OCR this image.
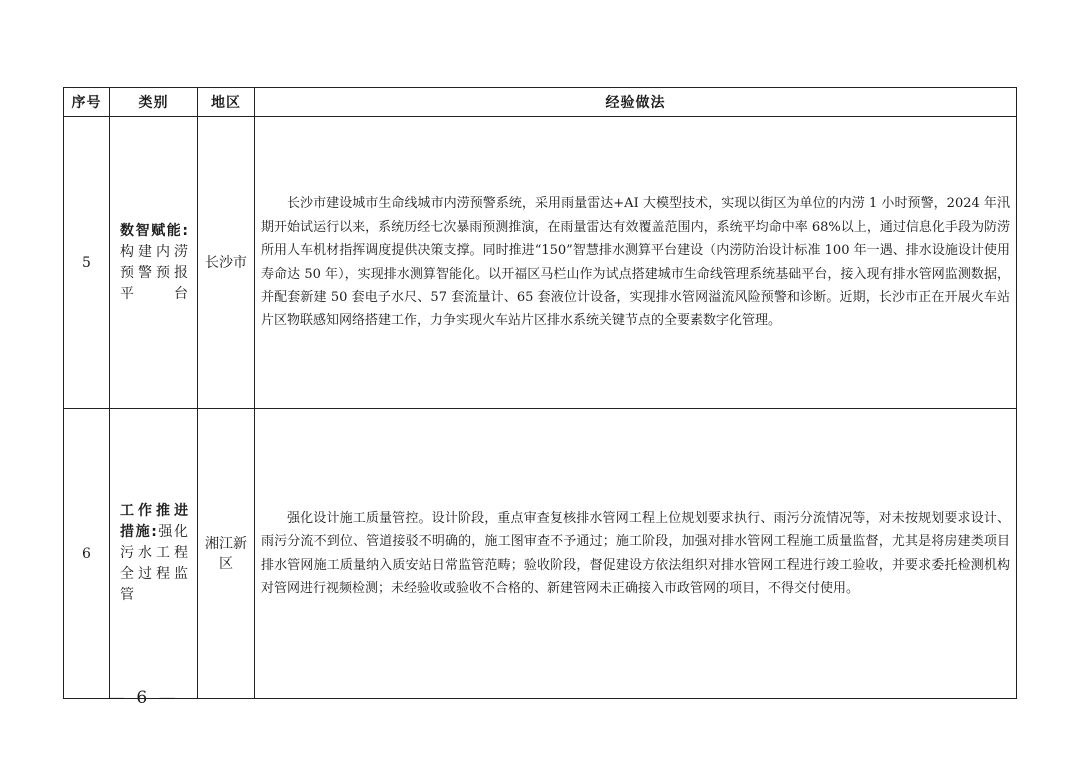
序号	类别	地区	经验做法
5	数智赋能:构建内涝预警预报平台	长沙市	长沙市建设城市生命线城市内涝预警系统，采用雨量雷达+AI 大模型技术，实现以街区为单位的内涝 1 小时预警，2024 年汛期开始试运行以来，系统历经七次暴雨预测推演，在雨量雷达有效覆盖范围内，系统平均命中率 68%以上，通过信息化手段为防涝所用人车机材指挥调度提供决策支撑。同时推进“150”智慧排水测算平台建设（内涝防治设计标准 100 年一遇、排水设施设计使用寿命达 50 年），实现排水测算智能化。以开福区马栏山作为试点搭建城市生命线管理系统基础平台，接入现有排水管网监测数据，并配套新建 50 套电子水尺、57 套流量计、65 套液位计设备，实现排水管网溢流风险预警和诊断。近期，长沙市正在开展火车站片区物联感知网络搭建工作，力争实现火车站片区排水系统关键节点的全要素数字化管理。
6	工作推进措施:强化污水工程全过程监管	湘江新区	强化设计施工质量管控。设计阶段，重点审查复核排水管网工程上位规划要求执行、雨污分流情况等，对未按规划要求设计、雨污分流不到位、管道接驳不明确的，施工图审查不予通过；施工阶段，加强对排水管网工程施工质量监督，尤其是将房建类项目排水管网施工质量纳入质安站日常监管范畴；验收阶段，督促建设方依法组织对排水管网工程进行竣工验收，并要求委托检测机构对管网进行视频检测；未经验收或验收不合格的、新建管网未正确接入市政管网的项目，不得交付使用。
— 6 —
